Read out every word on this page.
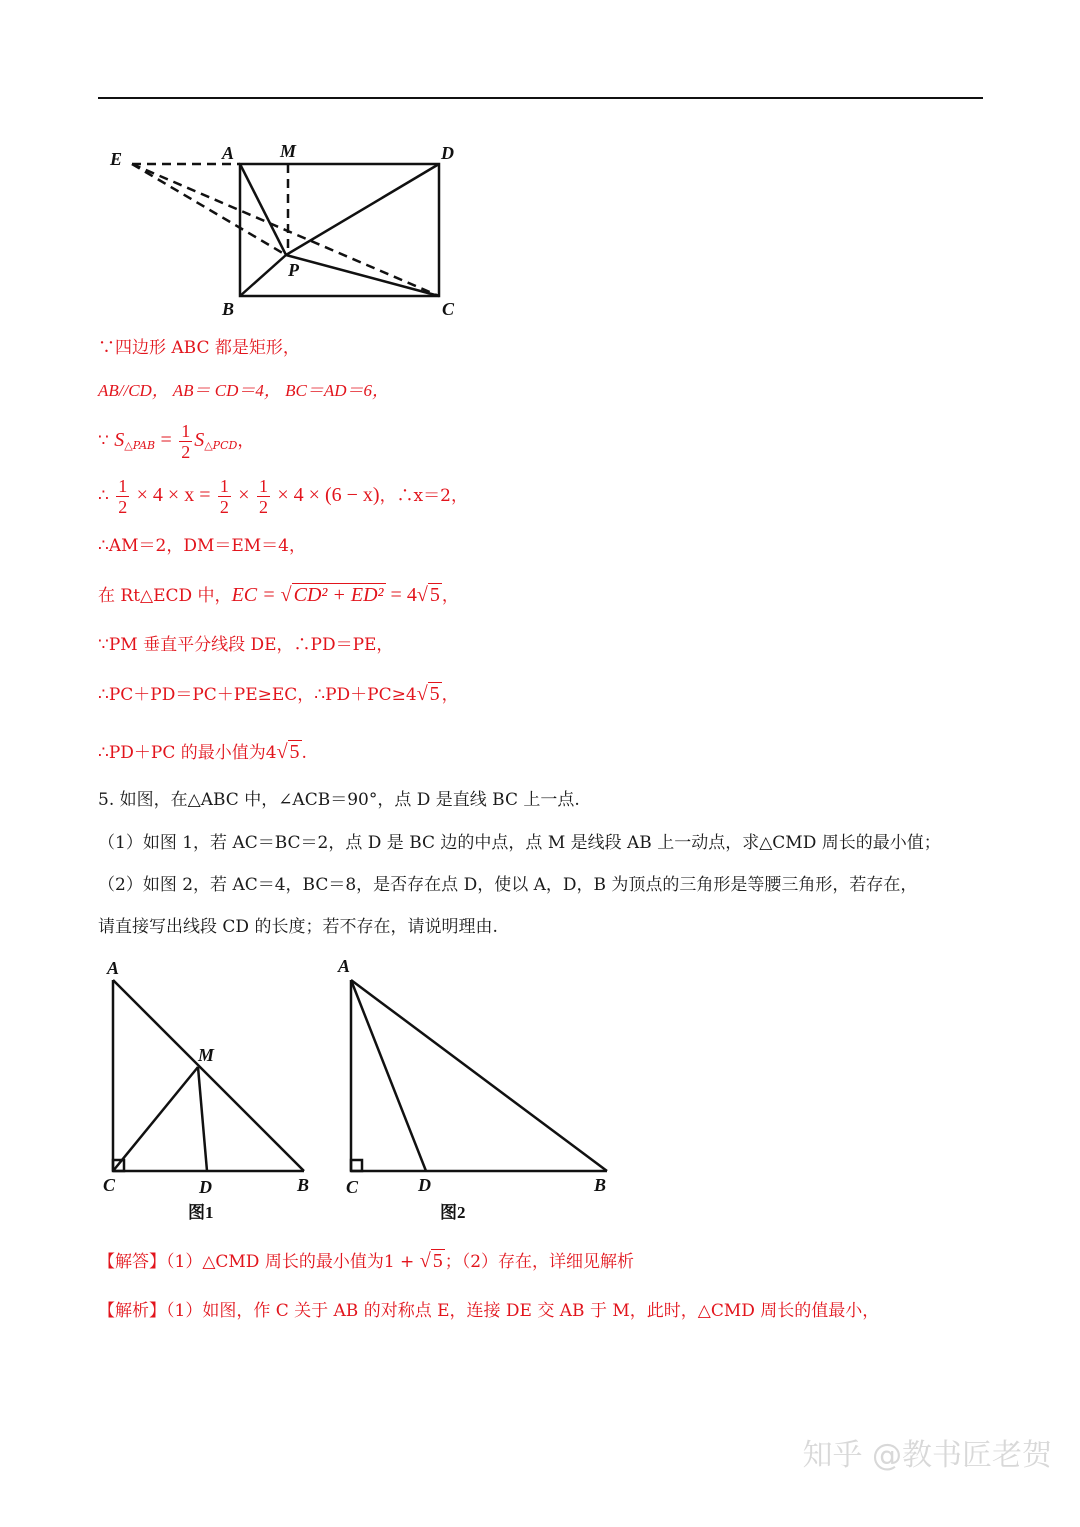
E	A	M	D
P
B	C
∵四边形 ABC 都是矩形，
AB//CD， AB＝ CD＝4， BC＝AD＝6，
∵ $S_{\triangle PAB} = \frac{1}{2} S_{\triangle PCD}$，
∴ $\frac{1}{2} \times 4 \times x = \frac{1}{2} \times \frac{1}{2} \times 4 \times (6 - x)$，∴x＝2，
∴AM＝2，DM＝EM＝4，
在 Rt△ECD 中，EC = √ CD² + ED² = 4√ 5 ，
∵PM 垂直平分线段 DE，∴PD＝PE，
∴PC＋PD＝PC＋PE≥EC，∴PD＋PC≥4√ 5 ，
∴PD＋PC 的最小值为4√ 5 .
5. 如图，在△ABC 中，∠ACB＝90°，点 D 是直线 BC 上一点.
（1）如图 1，若 AC＝BC＝2，点 D 是 BC 边的中点，点 M 是线段 AB 上一动点，求△CMD 周长的最小值；
（2）如图 2，若 AC＝4，BC＝8，是否存在点 D，使以 A，D，B 为顶点的三角形是等腰三角形，若存在，
请直接写出线段 CD 的长度；若不存在，请说明理由.
A
M
C	D	B
图1
A
C	D	B
图2
【解答】（1）△CMD 周长的最小值为1 + √ 5 ；（2）存在，详细见解析
【解析】（1）如图，作 C 关于 AB 的对称点 E，连接 DE 交 AB 于 M，此时，△CMD 周长的值最小，
知乎 @教书匠老贺
